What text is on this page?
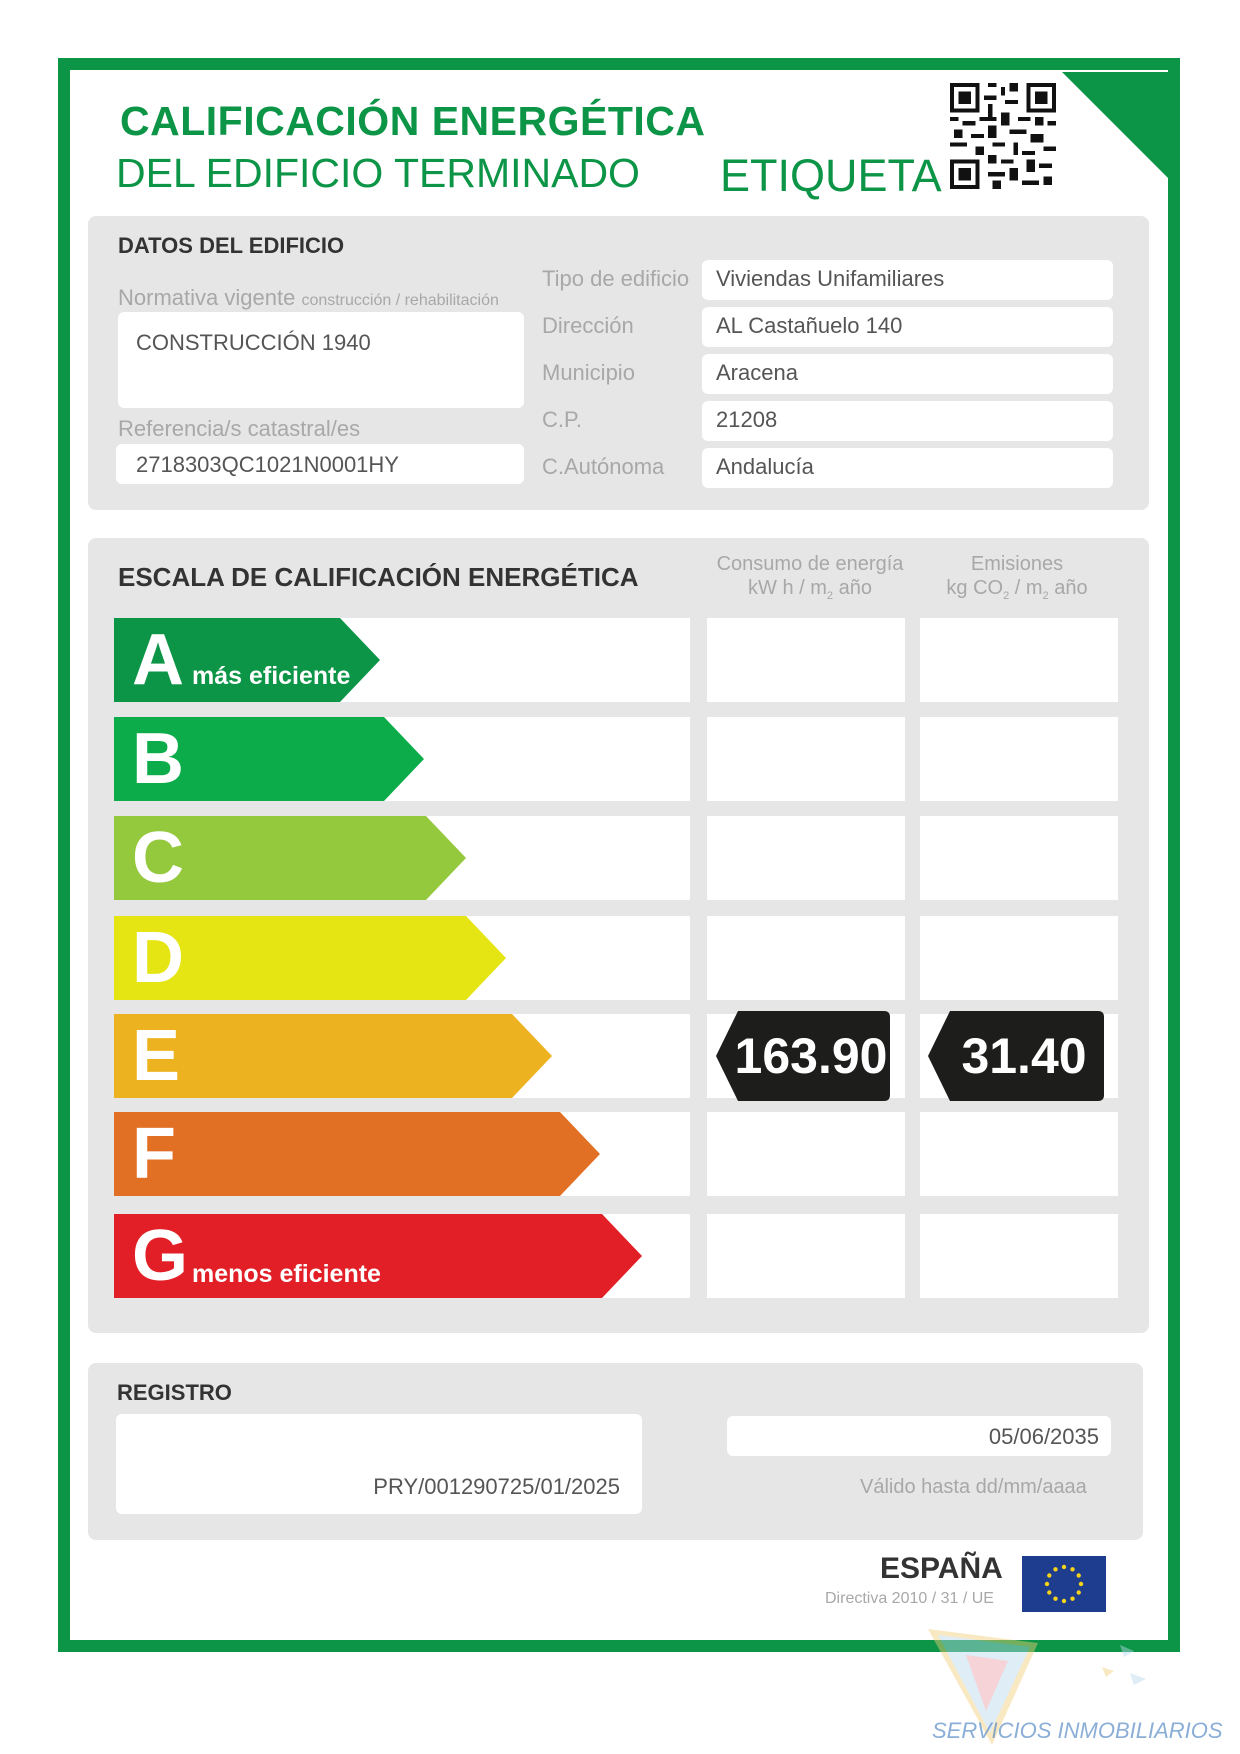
CALIFICACIÓN ENERGÉTICA
DEL EDIFICIO TERMINADO ETIQUETA
DATOS DEL EDIFICIO
Normativa vigente construcción / rehabilitación
CONSTRUCCIÓN 1940
Referencia/s catastral/es
2718303QC1021N0001HY
Tipo de edificio	Viviendas Unifamiliares
Dirección	AL Castañuelo 140
Municipio	Aracena
C.P.	21208
C.Autónoma	Andalucía
ESCALA DE CALIFICACIÓN ENERGÉTICA	Consumo de energía
kW h / $m_2$ año
Emisiones
kg $CO_2 / m_2$ año
A más eficiente
B
C
D
E	163.90	31.40
F
G menos eficiente
REGISTRO
PRY/001290725/01/2025
05/06/2035
Válido hasta dd/mm/aaaa
ESPAÑA
Directiva 2010 / 31 / UE
SERVICIOS INMOBILIARIOS
